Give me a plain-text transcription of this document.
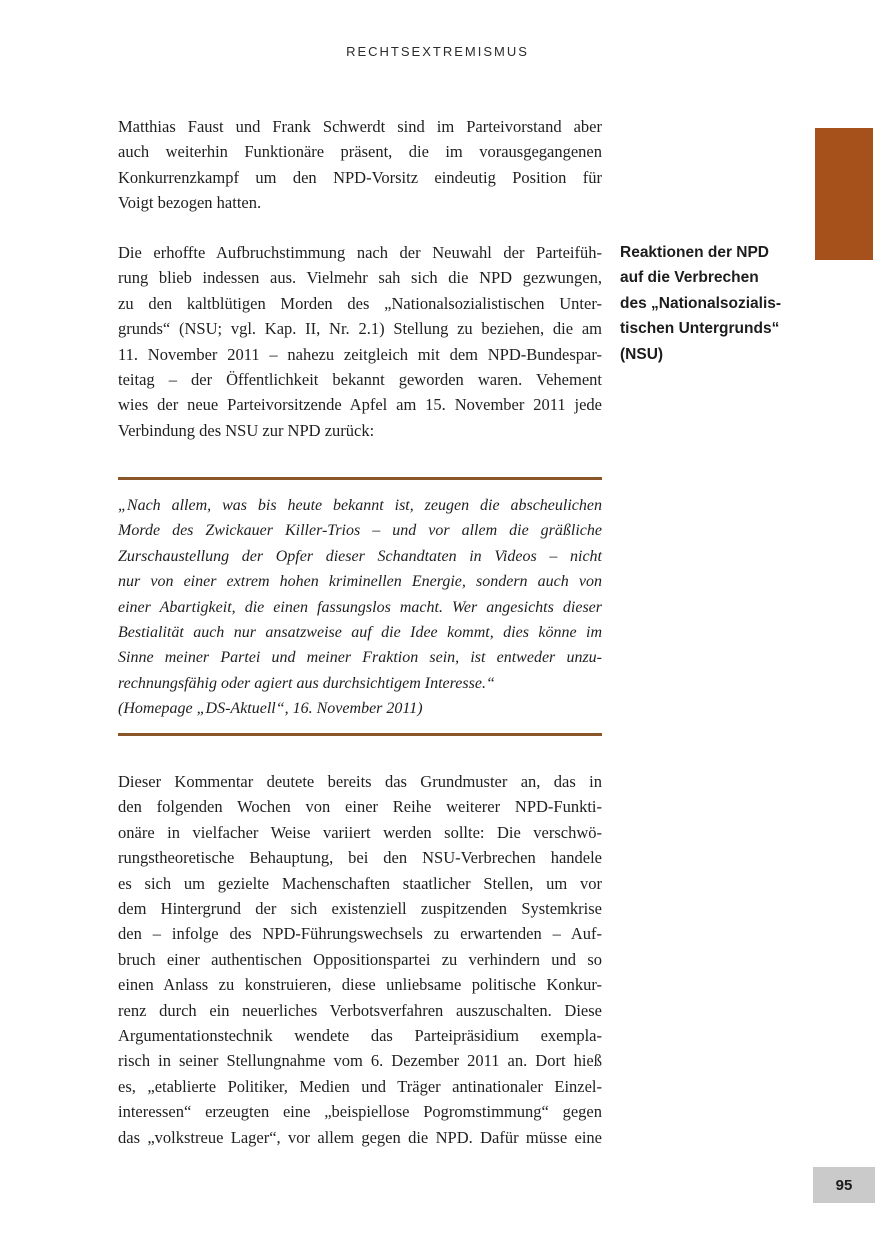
RECHTSEXTREMISMUS
Matthias Faust und Frank Schwerdt sind im Parteivorstand aber
auch weiterhin Funktionäre präsent, die im vorausgegangenen
Konkurrenzkampf um den NPD-Vorsitz eindeutig Position für
Voigt bezogen hatten.
Die erhoffte Aufbruchstimmung nach der Neuwahl der Parteifüh-
rung blieb indessen aus. Vielmehr sah sich die NPD gezwungen,
zu den kaltblütigen Morden des „Nationalsozialistischen Unter-
grunds“ (NSU; vgl. Kap. II, Nr. 2.1) Stellung zu beziehen, die am
11. November 2011 – nahezu zeitgleich mit dem NPD-Bundespar-
teitag – der Öffentlichkeit bekannt geworden waren. Vehement
wies der neue Parteivorsitzende Apfel am 15. November 2011 jede
Verbindung des NSU zur NPD zurück:
„Nach allem, was bis heute bekannt ist, zeugen die abscheulichen
Morde des Zwickauer Killer-Trios – und vor allem die gräßliche
Zurschaustellung der Opfer dieser Schandtaten in Videos – nicht
nur von einer extrem hohen kriminellen Energie, sondern auch von
einer Abartigkeit, die einen fassungslos macht. Wer angesichts dieser
Bestialität auch nur ansatzweise auf die Idee kommt, dies könne im
Sinne meiner Partei und meiner Fraktion sein, ist entweder unzu-
rechnungsfähig oder agiert aus durchsichtigem Interesse.“
(Homepage „DS-Aktuell“, 16. November 2011)
Dieser Kommentar deutete bereits das Grundmuster an, das in
den folgenden Wochen von einer Reihe weiterer NPD-Funkti-
onäre in vielfacher Weise variiert werden sollte: Die verschwö-
rungstheoretische Behauptung, bei den NSU-Verbrechen handele
es sich um gezielte Machenschaften staatlicher Stellen, um vor
dem Hintergrund der sich existenziell zuspitzenden Systemkrise
den – infolge des NPD-Führungswechsels zu erwartenden – Auf-
bruch einer authentischen Oppositionspartei zu verhindern und so
einen Anlass zu konstruieren, diese unliebsame politische Konkur-
renz durch ein neuerliches Verbotsverfahren auszuschalten. Diese
Argumentationstechnik wendete das Parteipräsidium exempla-
risch in seiner Stellungnahme vom 6. Dezember 2011 an. Dort hieß
es, „etablierte Politiker, Medien und Träger antinationaler Einzel-
interessen“ erzeugten eine „beispiellose Pogromstimmung“ gegen
das „volkstreue Lager“, vor allem gegen die NPD. Dafür müsse eine
Reaktionen der NPD
auf die Verbrechen
des „Nationalsozialis-
tischen Untergrunds“
(NSU)
95
